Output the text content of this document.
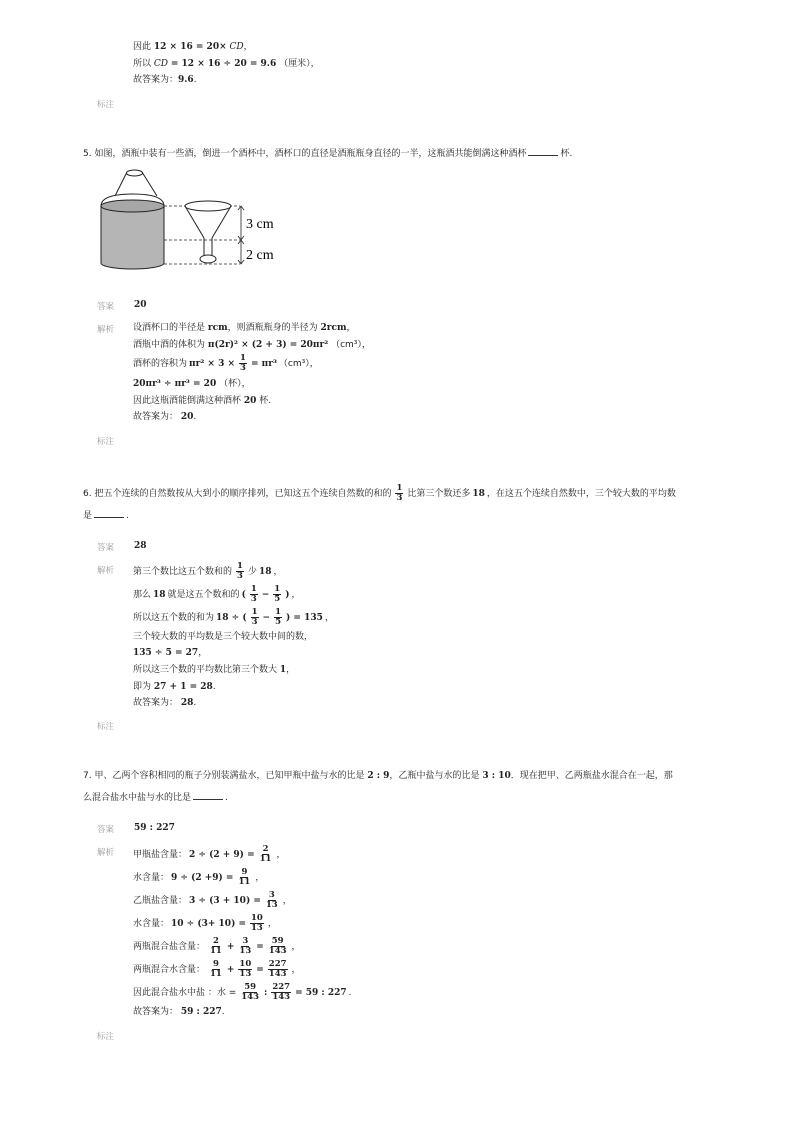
因此 12 × 16 = 20× CD，
所以 CD = 12 × 16 ÷ 20 = 9.6 （厘米），
故答案为：9.6.
标注
5. 如图，酒瓶中装有一些酒，倒进一个酒杯中，酒杯口的直径是酒瓶瓶身直径的一半，这瓶酒共能倒满这种酒杯	杯.
3 cm
2 cm
答案 20
解析 设酒杯口的半径是 rcm，则酒瓶瓶身的半径为 2rcm，
酒瓶中酒的体积为 π(2r)² × (2 + 3) = 20πr² （cm³），
酒杯的容积为 $\pi r^2 \times 3 \times \frac{1}{3} = \pi r^3$ （cm³），
20πr³ ÷ πr³ = 20 （杯），
因此这瓶酒能倒满这种酒杯 20 杯.
故答案为： 20.
标注
6. 把五个连续的自然数按从大到小的顺序排列，已知这五个连续自然数的和的 $\frac{1}{3}$ 比第三个数还多 18 ，在这五个连续自然数中，三个较大数的平均数
是	.
答案 28
解析 第三个数比这五个数和的 $\frac{1}{3}$ 少 18 ，
那么 18 就是这五个数和的 ( $\frac{1}{3} - \frac{1}{5}$ ) ，
所以这五个数的和为 18 ÷ ( $\frac{1}{3} - \frac{1}{5}$ ) = 135 ，
三个较大数的平均数是三个较大数中间的数，
135 ÷ 5 = 27，
所以这三个数的平均数比第三个数大 1，
即为 27 + 1 = 28.
故答案为： 28.
标注
7. 甲、乙两个容积相同的瓶子分别装满盐水，已知甲瓶中盐与水的比是 2 : 9，乙瓶中盐与水的比是 3 : 10．现在把甲、乙两瓶盐水混合在一起，那
么混合盐水中盐与水的比是	.
答案 59 : 227
解析 甲瓶盐含量： $2 \div (2 + 9) = \frac{2}{11}$ ，
水含量： $9 \div (2 +9) = \frac{9}{11}$ ，
乙瓶盐含量： $3 \div (3 + 10) = \frac{3}{13}$ ，
水含量： $10 \div (3+ 10) = \frac{10}{13}$ ，
两瓶混合盐含量： $\frac{2}{11} + \frac{3}{13} = \frac{59}{143}$ ，
两瓶混合水含量： $\frac{9}{11} + \frac{10}{13} = \frac{227}{143}$ ，
因此混合盐水中盐 ：水 = $\frac{59}{143}$ : $\frac{227}{143} = 59$ : 227 .
故答案为： 59 : 227.
标注
